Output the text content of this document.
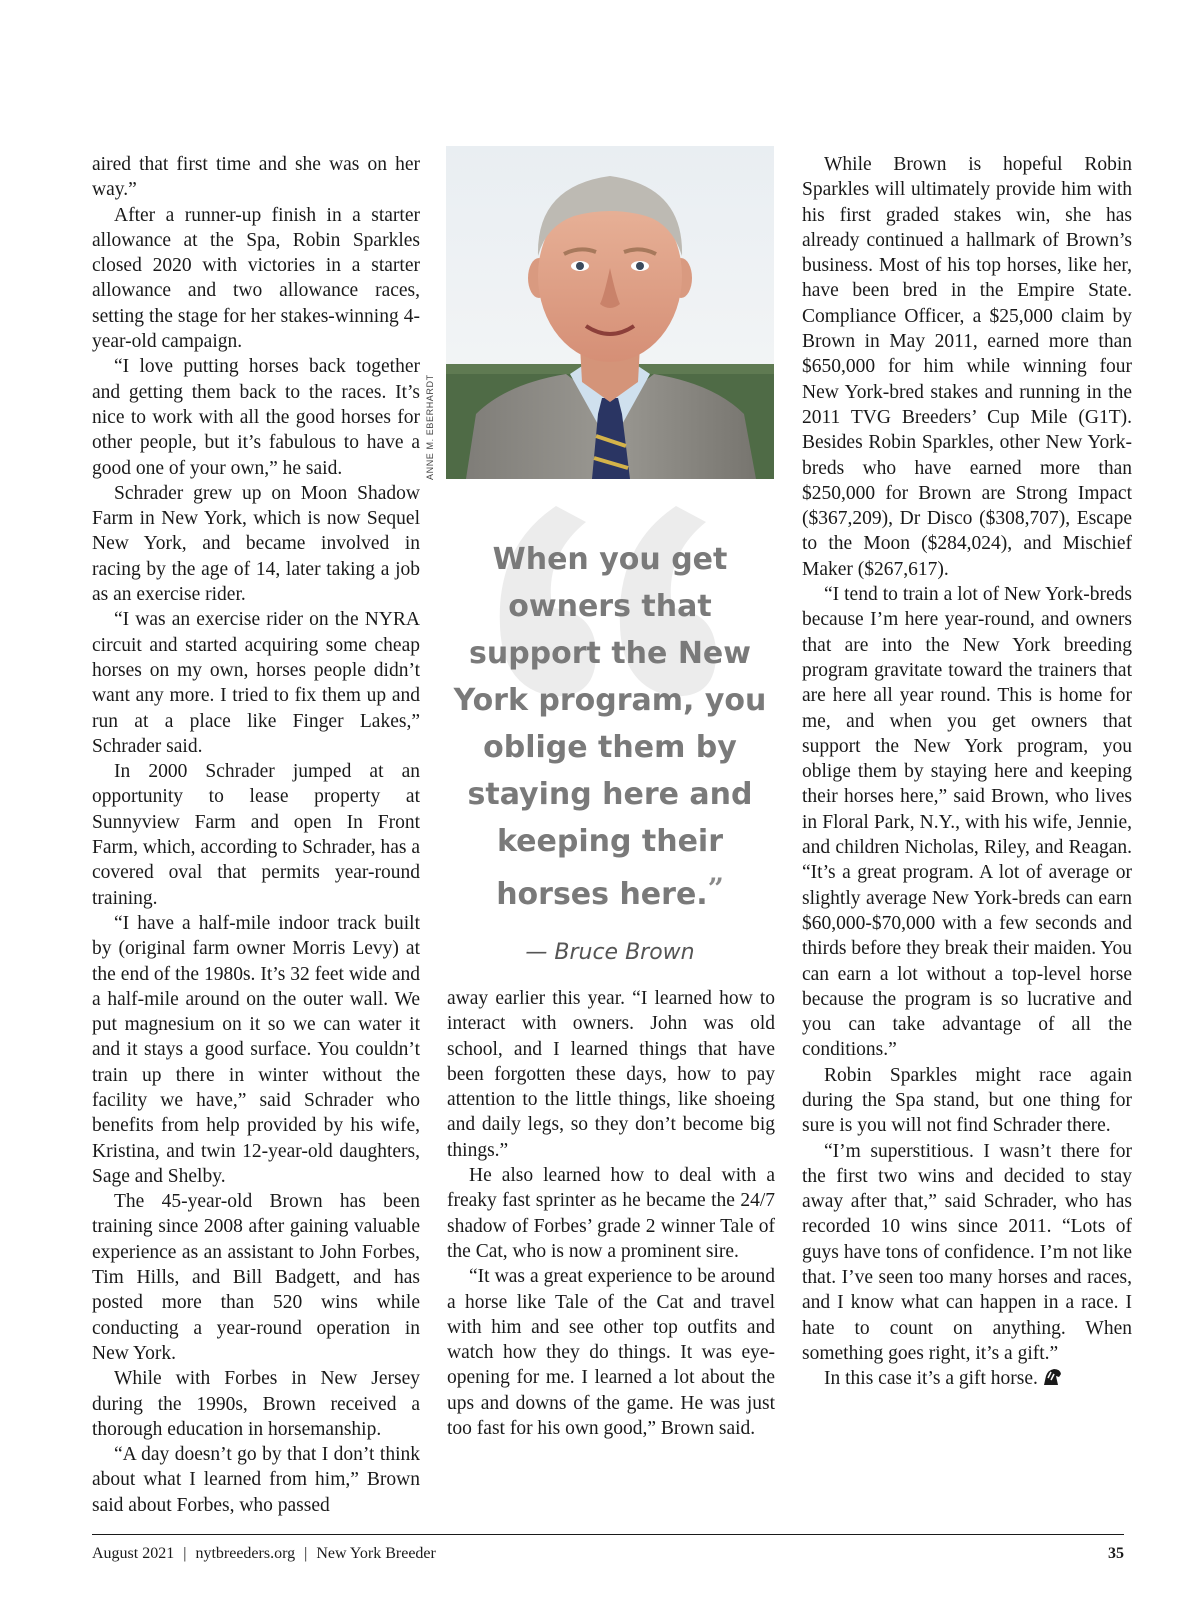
aired that first time and she was on her way.”

After a runner-up finish in a starter allowance at the Spa, Robin Sparkles closed 2020 with victories in a starter allowance and two allowance races, setting the stage for her stakes-winning 4-year-old campaign.

“I love putting horses back together and getting them back to the races. It’s nice to work with all the good horses for other people, but it’s fabulous to have a good one of your own,” he said.

Schrader grew up on Moon Shadow Farm in New York, which is now Sequel New York, and became involved in racing by the age of 14, later taking a job as an exercise rider.

“I was an exercise rider on the NYRA circuit and started acquiring some cheap horses on my own, horses people didn’t want any more. I tried to fix them up and run at a place like Finger Lakes,” Schrader said.

In 2000 Schrader jumped at an opportunity to lease property at Sunnyview Farm and open In Front Farm, which, according to Schrader, has a covered oval that permits year-round training.

“I have a half-mile indoor track built by (original farm owner Morris Levy) at the end of the 1980s. It’s 32 feet wide and a half-mile around on the outer wall. We put magnesium on it so we can water it and it stays a good surface. You couldn’t train up there in winter without the facility we have,” said Schrader who benefits from help provided by his wife, Kristina, and twin 12-year-old daughters, Sage and Shelby.

The 45-year-old Brown has been training since 2008 after gaining valuable experience as an assistant to John Forbes, Tim Hills, and Bill Badgett, and has posted more than 520 wins while conducting a year-round operation in New York.

While with Forbes in New Jersey during the 1990s, Brown received a thorough education in horsemanship.

“A day doesn’t go by that I don’t think about what I learned from him,” Brown said about Forbes, who passed

ANNE M. EBERHARDT
When you get owners that support the New York program, you oblige them by staying here and keeping their horses here.”
— Bruce Brown

away earlier this year. “I learned how to interact with owners. John was old school, and I learned things that have been forgotten these days, how to pay attention to the little things, like shoeing and daily legs, so they don’t become big things.”

He also learned how to deal with a freaky fast sprinter as he became the 24/7 shadow of Forbes’ grade 2 winner Tale of the Cat, who is now a prominent sire.

“It was a great experience to be around a horse like Tale of the Cat and travel with him and see other top outfits and watch how they do things. It was eye-opening for me. I learned a lot about the ups and downs of the game. He was just too fast for his own good,” Brown said.

While Brown is hopeful Robin Sparkles will ultimately provide him with his first graded stakes win, she has already continued a hallmark of Brown’s business. Most of his top horses, like her, have been bred in the Empire State. Compliance Officer, a $25,000 claim by Brown in May 2011, earned more than $650,000 for him while winning four New York-bred stakes and running in the 2011 TVG Breeders’ Cup Mile (G1T). Besides Robin Sparkles, other New York-breds who have earned more than $250,000 for Brown are Strong Impact ($367,209), Dr Disco ($308,707), Escape to the Moon ($284,024), and Mischief Maker ($267,617).

“I tend to train a lot of New York-breds because I’m here year-round, and owners that are into the New York breeding program gravitate toward the trainers that are here all year round. This is home for me, and when you get owners that support the New York program, you oblige them by staying here and keeping their horses here,” said Brown, who lives in Floral Park, N.Y., with his wife, Jennie, and children Nicholas, Riley, and Reagan. “It’s a great program. A lot of average or slightly average New York-breds can earn $60,000-$70,000 with a few seconds and thirds before they break their maiden. You can earn a lot without a top-level horse because the program is so lucrative and you can take advantage of all the conditions.”

Robin Sparkles might race again during the Spa stand, but one thing for sure is you will not find Schrader there.

“I’m superstitious. I wasn’t there for the first two wins and decided to stay away after that,” said Schrader, who has recorded 10 wins since 2011. “Lots of guys have tons of confidence. I’m not like that. I’ve seen too many horses and races, and I know what can happen in a race. I hate to count on anything. When something goes right, it’s a gift.”

In this case it’s a gift horse.

August 2021 | nytbreeders.org | New York Breeder	35
